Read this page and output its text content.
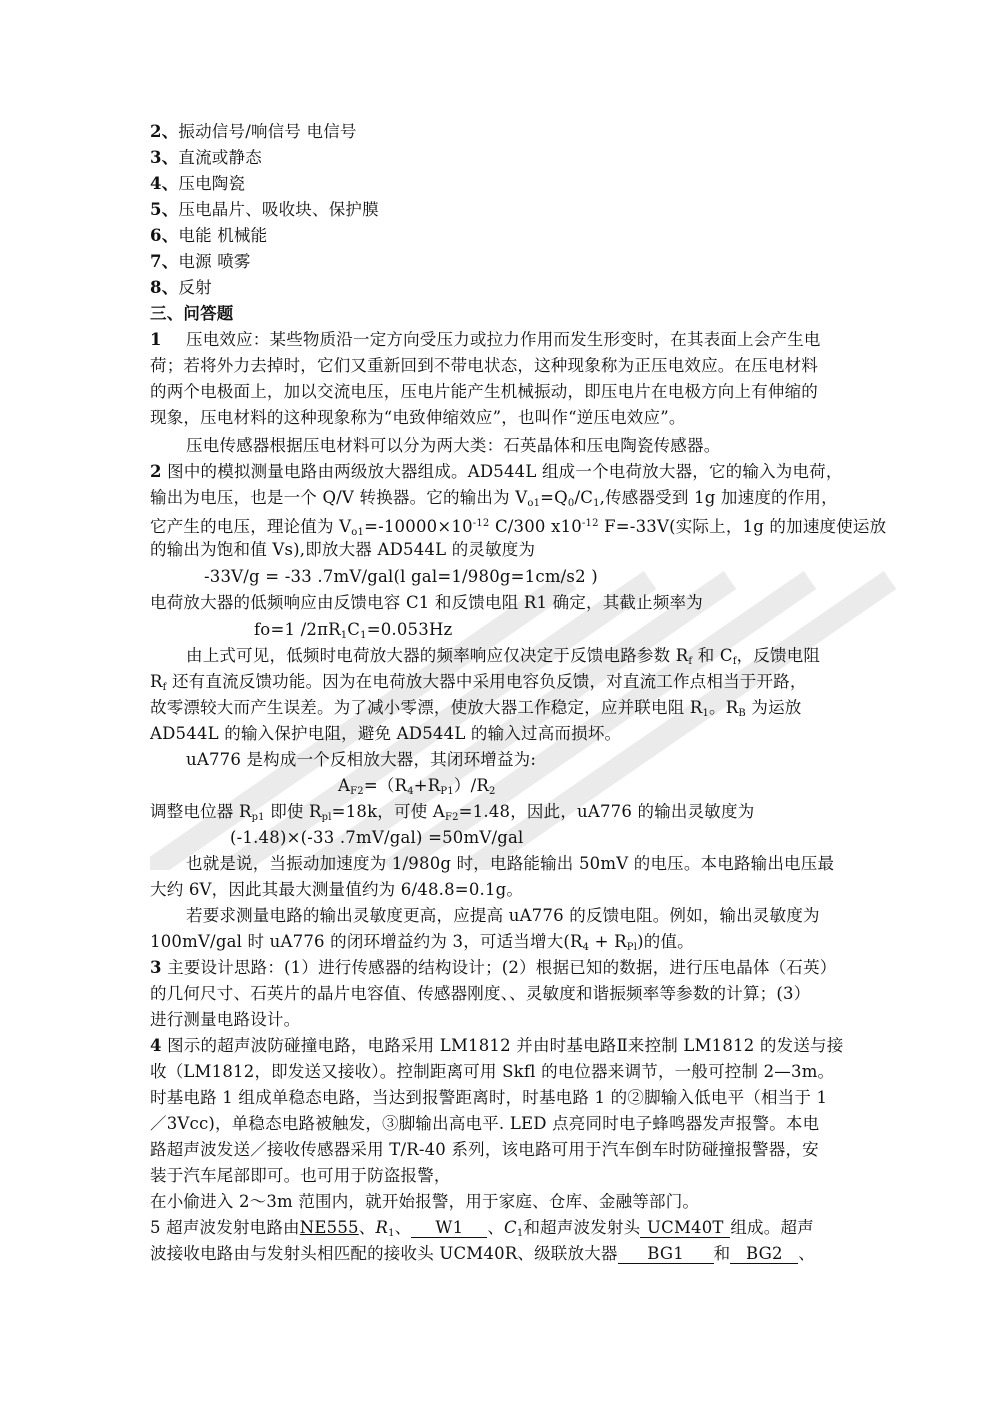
2、振动信号/响信号 电信号
3、直流或静态
4、压电陶瓷
5、压电晶片、吸收块、保护膜
6、电能 机械能
7、电源 喷雾
8、反射
三、问答题
1 压电效应：某些物质沿一定方向受压力或拉力作用而发生形变时，在其表面上会产生电
荷；若将外力去掉时，它们又重新回到不带电状态，这种现象称为正压电效应。在压电材料
的两个电极面上，加以交流电压，压电片能产生机械振动，即压电片在电极方向上有伸缩的
现象，压电材料的这种现象称为“电致伸缩效应”，也叫作“逆压电效应”。
压电传感器根据压电材料可以分为两大类：石英晶体和压电陶瓷传感器。
2 图中的模拟测量电路由两级放大器组成。AD544L 组成一个电荷放大器，它的输入为电荷，
输出为电压，也是一个 Q/V 转换器。它的输出为 $V_{o1}=Q_0/C_1$,传感器受到 1g 加速度的作用，
它产生的电压，理论值为 $V_{o1}=-10000\times 10^{-12}$ C/300 $x10^{-12}$ F=-33V(实际上，1g 的加速度使运放
的输出为饱和值 Vs),即放大器 AD544L 的灵敏度为
-33V/g = -33 .7mV/gal(l gal=1/980g=1cm/s2 )
电荷放大器的低频响应由反馈电容 C1 和反馈电阻 R1 确定，其截止频率为
fo=1 $/2\pi R_1C_1=0.053Hz$
由上式可见，低频时电荷放大器的频率响应仅决定于反馈电路参数 $R_f$ 和 $C_f$，反馈电阻
$R_f$ 还有直流反馈功能。因为在电荷放大器中采用电容负反馈，对直流工作点相当于开路，
故零漂较大而产生误差。为了减小零漂，使放大器工作稳定，应并联电阻 $R_1$。$R_B$ 为运放
AD544L 的输入保护电阻，避免 AD544L 的输入过高而损坏。
uA776 是构成一个反相放大器，其闭环增益为:
$A_{F2}=(R_4+R_{P1})/R_2$
调整电位器 $R_{p1}$ 即使 $R_{pl}=18k$，可使 $A_{F2}=1.48$，因此，uA776 的输出灵敏度为
(-1.48)×(-33 .7mV/gal) =50mV/gal
也就是说，当振动加速度为 1/980g 时，电路能输出 50mV 的电压。本电路输出电压最
大约 6V，因此其最大测量值约为 6/48.8=0.1g。
若要求测量电路的输出灵敏度更高，应提高 uA776 的反馈电阻。例如，输出灵敏度为
100mV/gal 时 uA776 的闭环增益约为 3，可适当增大$(R_4 + R_{Pl})$的值。
3 主要设计思路：(1）进行传感器的结构设计；(2）根据已知的数据，进行压电晶体（石英）
的几何尺寸、石英片的晶片电容值、传感器刚度、、灵敏度和谐振频率等参数的计算；(3）
进行测量电路设计。
4 图示的超声波防碰撞电路，电路采用 LM1812 并由时基电路Ⅱ来控制 LM1812 的发送与接
收（LM1812，即发送又接收）。控制距离可用 Skfl 的电位器来调节，一般可控制 2—3m。
时基电路 1 组成单稳态电路，当达到报警距离时，时基电路 1 的②脚输入低电平（相当于 1
／3Vcc)，单稳态电路被触发，③脚输出高电平. LED 点亮同时电子蜂鸣器发声报警。本电
路超声波发送／接收传感器采用 T/R-40 系列，该电路可用于汽车倒车时防碰撞报警器，安
装于汽车尾部即可。也可用于防盗报警，
在小偷进入 2～3m 范围内，就开始报警，用于家庭、仓库、金融等部门。
5 超声波发射电路由NE555、$R_1$、 W1 、$C_1$和超声波发射头 UCM40T 组成。超声
波接收电路由与发射头相匹配的接收头 UCM40R、级联放大器 BG1 和 BG2 、
